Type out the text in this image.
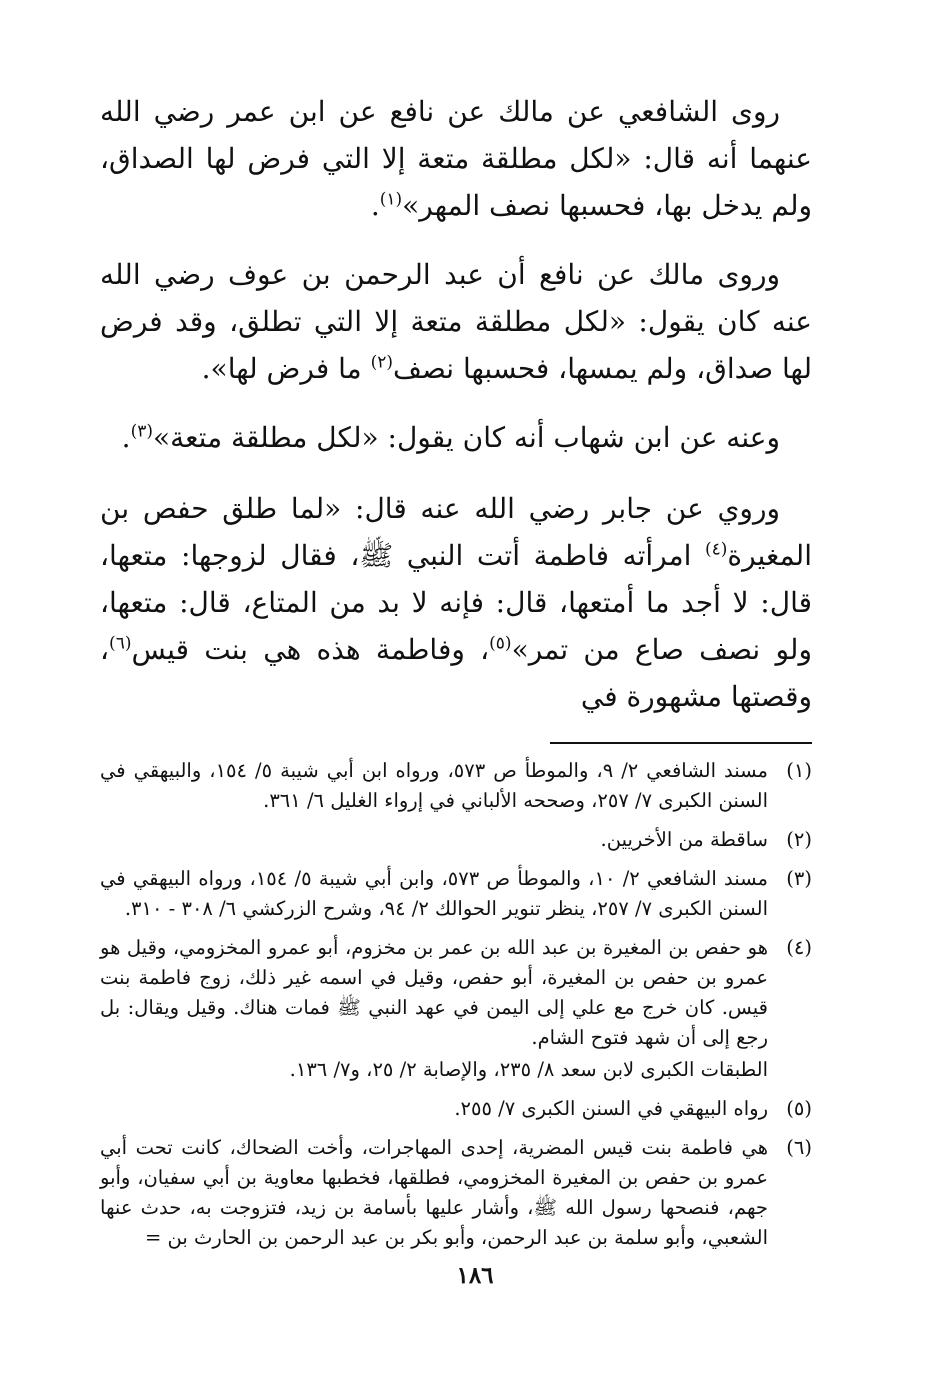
روى الشافعي عن مالك عن نافع عن ابن عمر رضي الله عنهما أنه قال: «لكل مطلقة متعة إلا التي فرض لها الصداق، ولم يدخل بها، فحسبها نصف المهر»$^{(١)}$.

وروى مالك عن نافع أن عبد الرحمن بن عوف رضي الله عنه كان يقول: «لكل مطلقة متعة إلا التي تطلق، وقد فرض لها صداق، ولم يمسها، فحسبها نصف$^{(٢)}$ ما فرض لها».

وعنه عن ابن شهاب أنه كان يقول: «لكل مطلقة متعة»$^{(٣)}$.

وروي عن جابر رضي الله عنه قال: «لما طلق حفص بن المغيرة$^{(٤)}$ امرأته فاطمة أتت النبي ﷺ، فقال لزوجها: متعها، قال: لا أجد ما أمتعها، قال: فإنه لا بد من المتاع، قال: متعها، ولو نصف صاع من تمر»$^{(٥)}$، وفاطمة هذه هي بنت قيس$^{(٦)}$، وقصتها مشهورة في

(١)
مسند الشافعي ٢/ ٩، والموطأ ص ٥٧٣، ورواه ابن أبي شيبة ٥/ ١٥٤، والبيهقي في السنن الكبرى ٧/ ٢٥٧، وصححه الألباني في إرواء الغليل ٦/ ٣٦١.
(٢)
ساقطة من الأخريين.
(٣)
مسند الشافعي ٢/ ١٠، والموطأ ص ٥٧٣، وابن أبي شيبة ٥/ ١٥٤، ورواه البيهقي في السنن الكبرى ٧/ ٢٥٧، ينظر تنوير الحوالك ٢/ ٩٤، وشرح الزركشي ٦/ ٣٠٨ - ٣١٠.
(٤)
هو حفص بن المغيرة بن عبد الله بن عمر بن مخزوم، أبو عمرو المخزومي، وقيل هو عمرو بن حفص بن المغيرة، أبو حفص، وقيل في اسمه غير ذلك، زوج فاطمة بنت قيس. كان خرج مع علي إلى اليمن في عهد النبي ﷺ فمات هناك. وقيل ويقال: بل رجع إلى أن شهد فتوح الشام.
الطبقات الكبرى لابن سعد ٨/ ٢٣٥، والإصابة ٢/ ٢٥، و٧/ ١٣٦.
(٥)
رواه البيهقي في السنن الكبرى ٧/ ٢٥٥.
(٦)
هي فاطمة بنت قيس المضرية، إحدى المهاجرات، وأخت الضحاك، كانت تحت أبي عمرو بن حفص بن المغيرة المخزومي، فطلقها، فخطبها معاوية بن أبي سفيان، وأبو جهم، فنصحها رسول الله ﷺ، وأشار عليها بأسامة بن زيد، فتزوجت به، حدث عنها الشعبي، وأبو سلمة بن عبد الرحمن، وأبو بكر بن عبد الرحمن بن الحارث بن =
١٨٦
